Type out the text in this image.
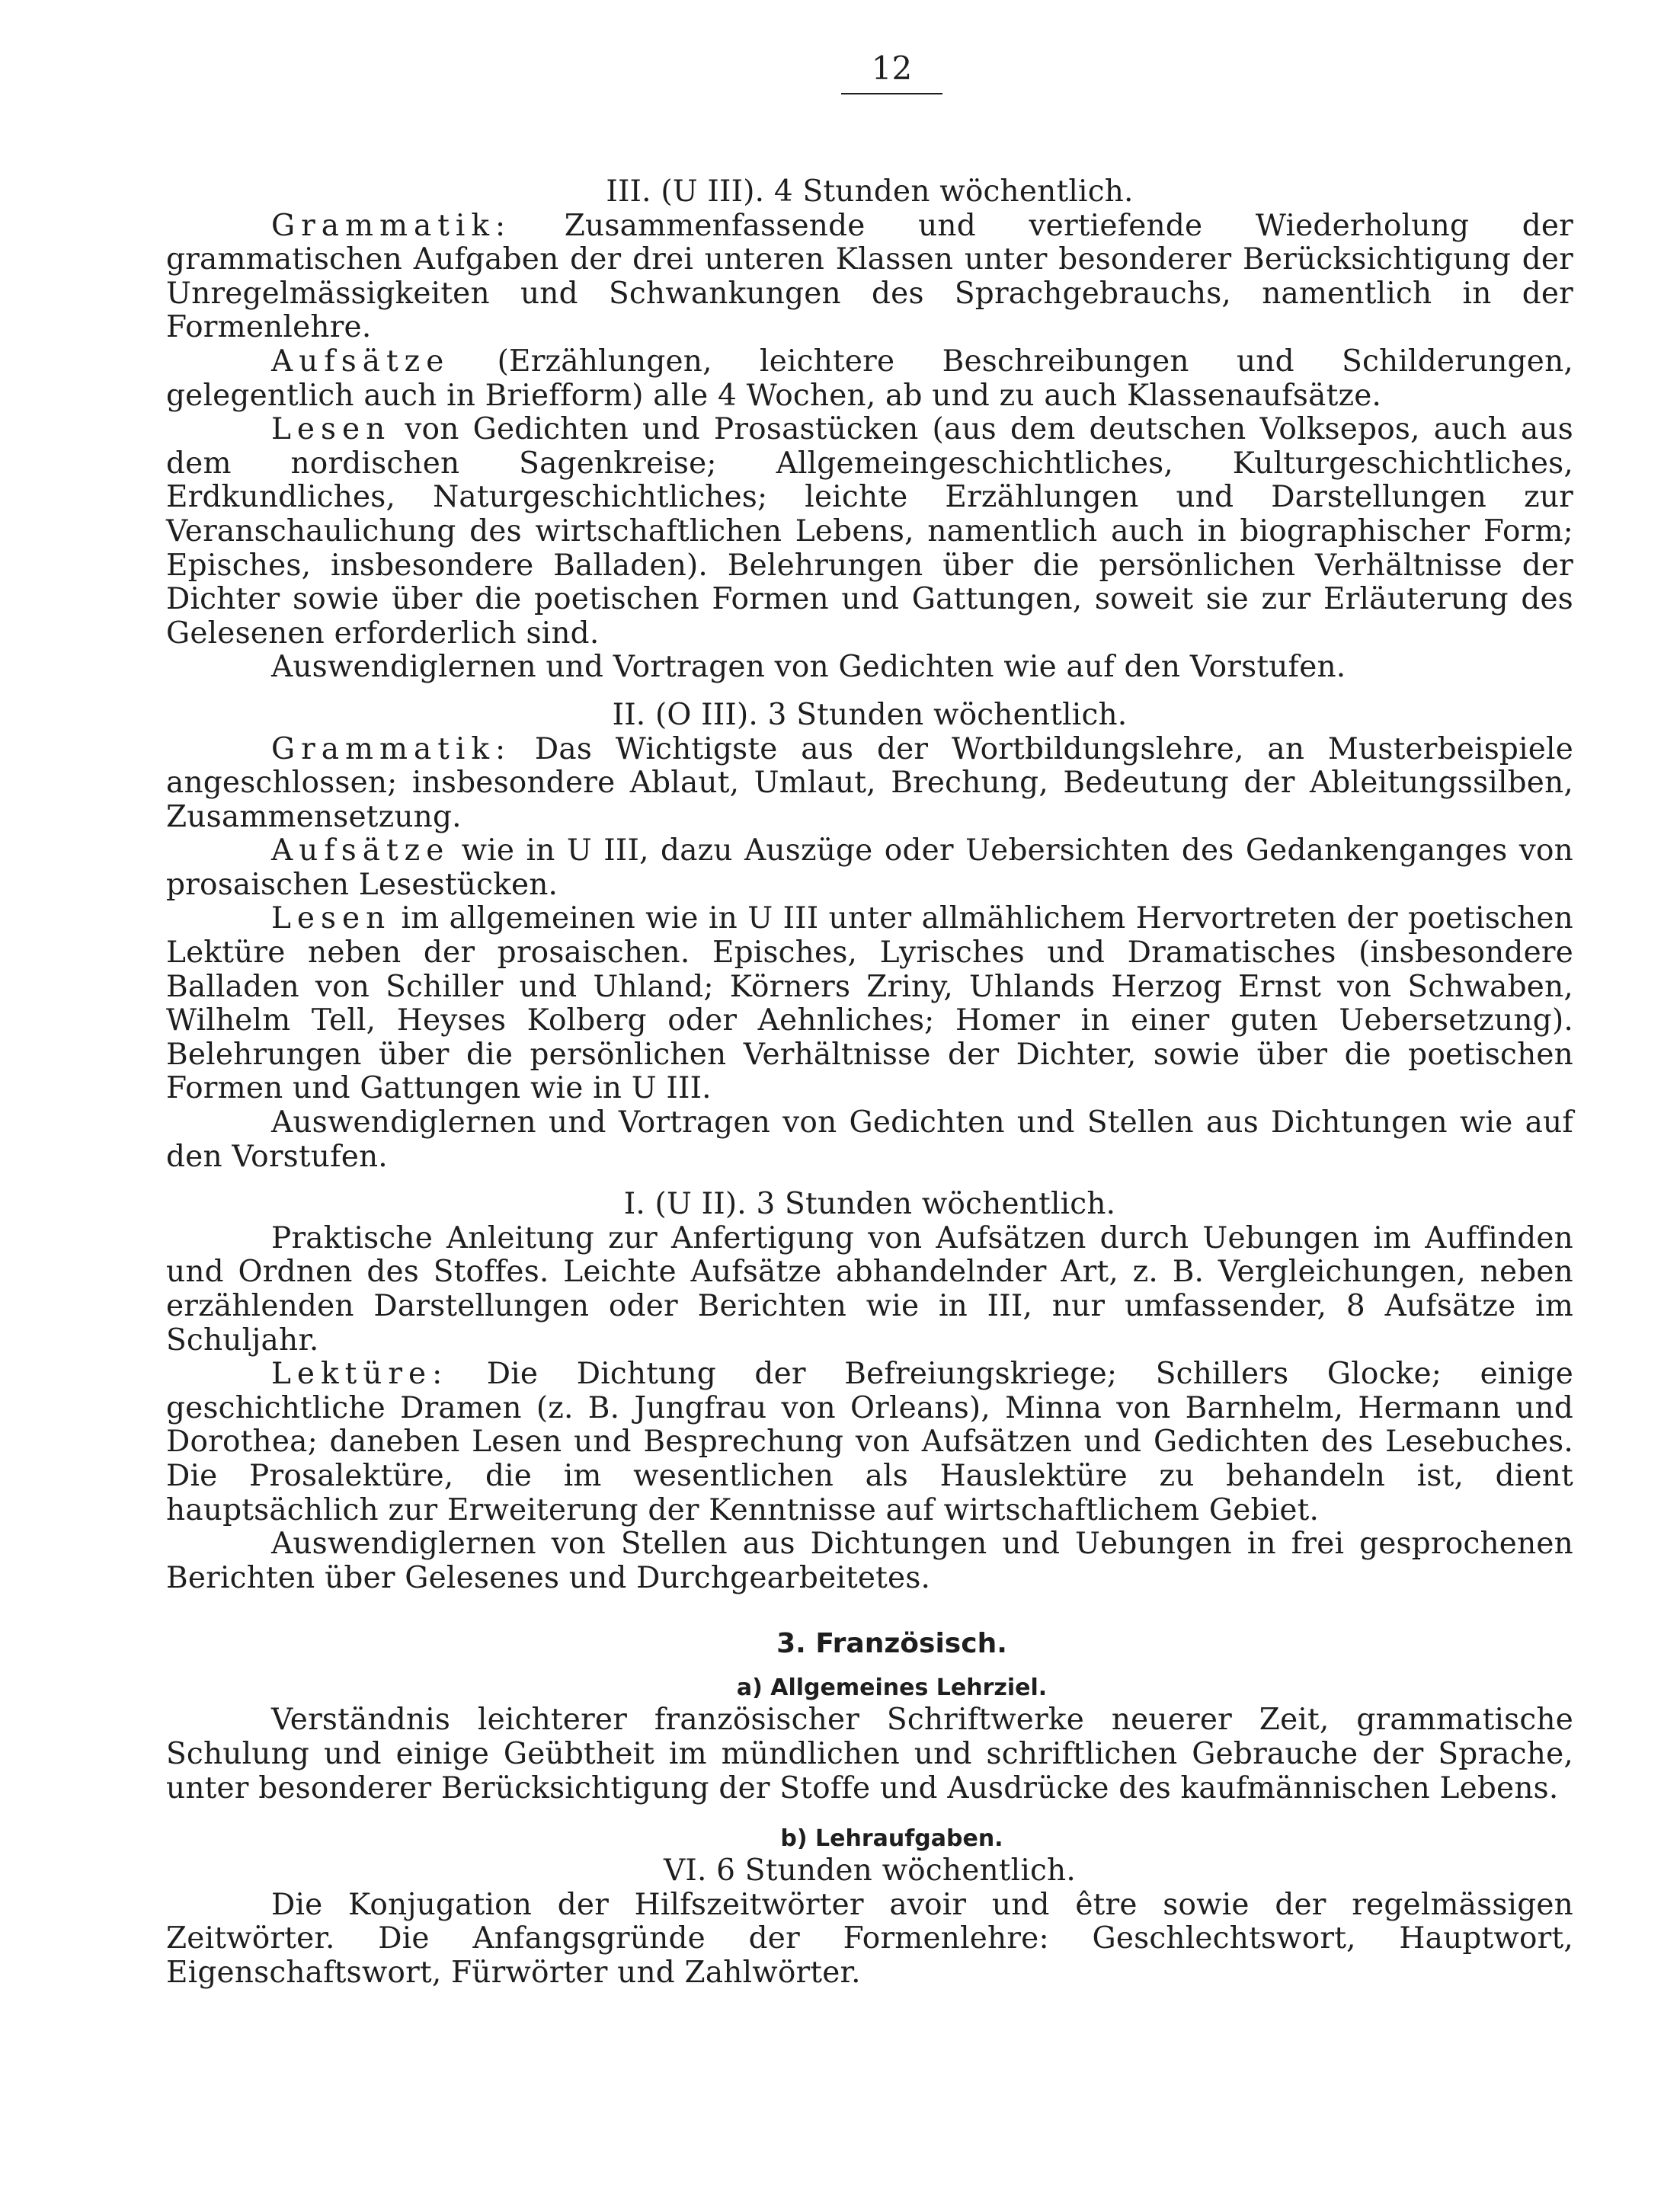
12
III. (U III). 4 Stunden wöchentlich.

Grammatik: Zusammenfassende und vertiefende Wiederholung der grammatischen Aufgaben der drei unteren Klassen unter besonderer Berücksichtigung der Unregelmässigkeiten und Schwankungen des Sprachgebrauchs, namentlich in der Formenlehre.

Aufsätze (Erzählungen, leichtere Beschreibungen und Schilderungen, gelegentlich auch in Briefform) alle 4 Wochen, ab und zu auch Klassenaufsätze.

Lesen von Gedichten und Prosastücken (aus dem deutschen Volksepos, auch aus dem nordischen Sagenkreise; Allgemeingeschichtliches, Kulturgeschichtliches, Erdkundliches, Naturgeschichtliches; leichte Erzählungen und Darstellungen zur Veranschaulichung des wirtschaftlichen Lebens, namentlich auch in biographischer Form; Episches, insbesondere Balladen). Belehrungen über die persönlichen Verhältnisse der Dichter sowie über die poetischen Formen und Gattungen, soweit sie zur Erläuterung des Gelesenen erforderlich sind.

Auswendiglernen und Vortragen von Gedichten wie auf den Vorstufen.

II. (O III). 3 Stunden wöchentlich.

Grammatik: Das Wichtigste aus der Wortbildungslehre, an Musterbeispiele angeschlossen; insbesondere Ablaut, Umlaut, Brechung, Bedeutung der Ableitungssilben, Zusammensetzung.

Aufsätze wie in U III, dazu Auszüge oder Uebersichten des Gedankenganges von prosaischen Lesestücken.

Lesen im allgemeinen wie in U III unter allmählichem Hervortreten der poetischen Lektüre neben der prosaischen. Episches, Lyrisches und Dramatisches (insbesondere Balladen von Schiller und Uhland; Körners Zriny, Uhlands Herzog Ernst von Schwaben, Wilhelm Tell, Heyses Kolberg oder Aehnliches; Homer in einer guten Uebersetzung). Belehrungen über die persönlichen Verhältnisse der Dichter, sowie über die poetischen Formen und Gattungen wie in U III.

Auswendiglernen und Vortragen von Gedichten und Stellen aus Dichtungen wie auf den Vorstufen.

I. (U II). 3 Stunden wöchentlich.

Praktische Anleitung zur Anfertigung von Aufsätzen durch Uebungen im Auffinden und Ordnen des Stoffes. Leichte Aufsätze abhandelnder Art, z. B. Vergleichungen, neben erzählenden Darstellungen oder Berichten wie in III, nur umfassender, 8 Aufsätze im Schuljahr.

Lektüre: Die Dichtung der Befreiungskriege; Schillers Glocke; einige geschichtliche Dramen (z. B. Jungfrau von Orleans), Minna von Barnhelm, Hermann und Dorothea; daneben Lesen und Besprechung von Aufsätzen und Gedichten des Lesebuches. Die Prosalektüre, die im wesentlichen als Hauslektüre zu behandeln ist, dient hauptsächlich zur Erweiterung der Kenntnisse auf wirtschaftlichem Gebiet.

Auswendiglernen von Stellen aus Dichtungen und Uebungen in frei gesprochenen Berichten über Gelesenes und Durchgearbeitetes.

3. Französisch.
a) Allgemeines Lehrziel.

Verständnis leichterer französischer Schriftwerke neuerer Zeit, grammatische Schulung und einige Geübtheit im mündlichen und schriftlichen Gebrauche der Sprache, unter besonderer Berücksichtigung der Stoffe und Ausdrücke des kaufmännischen Lebens.

b) Lehraufgaben.
VI. 6 Stunden wöchentlich.

Die Konjugation der Hilfszeitwörter avoir und être sowie der regelmässigen Zeitwörter. Die Anfangsgründe der Formenlehre: Geschlechtswort, Hauptwort, Eigenschaftswort, Fürwörter und Zahlwörter.
